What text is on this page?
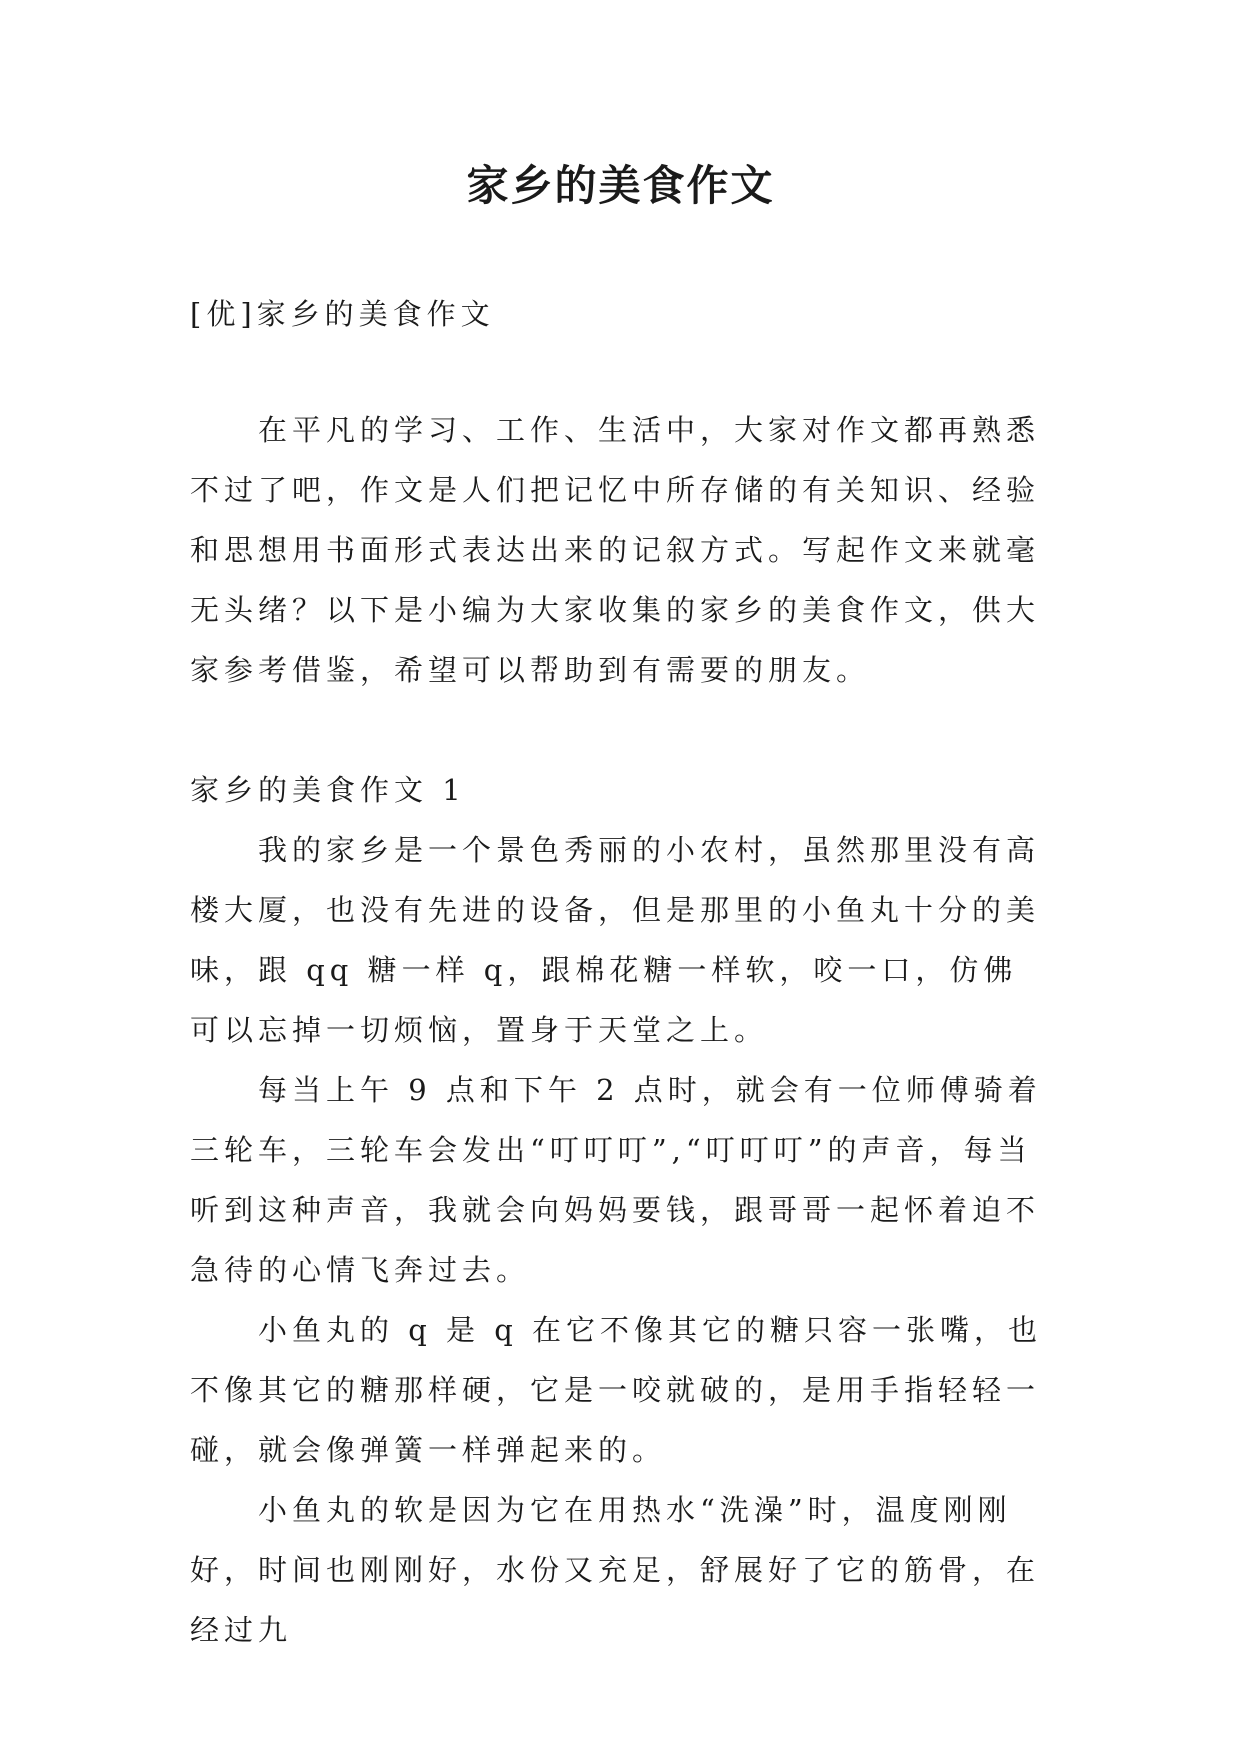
家乡的美食作文

[优]家乡的美食作文

在平凡的学习、工作、生活中，大家对作文都再熟悉不过了吧，作文是人们把记忆中所存储的有关知识、经验和思想用书面形式表达出来的记叙方式。写起作文来就毫无头绪？以下是小编为大家收集的家乡的美食作文，供大家参考借鉴，希望可以帮助到有需要的朋友。

家乡的美食作文 1

我的家乡是一个景色秀丽的小农村，虽然那里没有高楼大厦，也没有先进的设备，但是那里的小鱼丸十分的美味，跟 qq 糖一样 q，跟棉花糖一样软，咬一口，仿佛可以忘掉一切烦恼，置身于天堂之上。

每当上午 9 点和下午 2 点时，就会有一位师傅骑着三轮车，三轮车会发出“叮叮叮”,“叮叮叮”的声音，每当听到这种声音，我就会向妈妈要钱，跟哥哥一起怀着迫不急待的心情飞奔过去。

小鱼丸的 q 是 q 在它不像其它的糖只容一张嘴，也不像其它的糖那样硬，它是一咬就破的，是用手指轻轻一碰，就会像弹簧一样弹起来的。

小鱼丸的软是因为它在用热水“洗澡”时，温度刚刚好，时间也刚刚好，水份又充足，舒展好了它的筋骨，在经过九
